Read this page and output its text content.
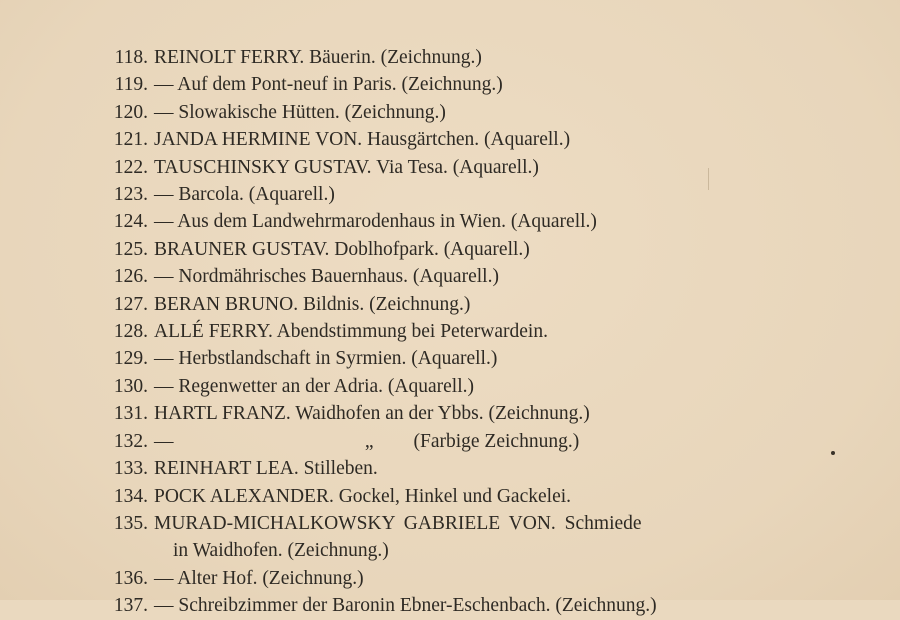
118. REINOLT FERRY. Bäuerin. (Zeichnung.)
119. — Auf dem Pont-neuf in Paris. (Zeichnung.)
120. — Slowakische Hütten. (Zeichnung.)
121. JANDA HERMINE VON. Hausgärtchen. (Aquarell.)
122. TAUSCHINSKY GUSTAV. Via Tesa. (Aquarell.)
123. — Barcola. (Aquarell.)
124. — Aus dem Landwehrmarodenhaus in Wien. (Aquarell.)
125. BRAUNER GUSTAV. Doblhofpark. (Aquarell.)
126. — Nordmährisches Bauernhaus. (Aquarell.)
127. BERAN BRUNO. Bildnis. (Zeichnung.)
128. ALLÉ FERRY. Abendstimmung bei Peterwardein.
129. — Herbstlandschaft in Syrmien. (Aquarell.)
130. — Regenwetter an der Adria. (Aquarell.)
131. HARTL FRANZ. Waidhofen an der Ybbs. (Zeichnung.)
132. —	„	(Farbige Zeichnung.)
133. REINHART LEA. Stilleben.
134. POCK ALEXANDER. Gockel, Hinkel und Gackelei.
135. MURAD-MICHALKOWSKY GABRIELE VON. Schmiede
in Waidhofen. (Zeichnung.)
136. — Alter Hof. (Zeichnung.)
137. — Schreibzimmer der Baronin Ebner-Eschenbach. (Zeichnung.)
